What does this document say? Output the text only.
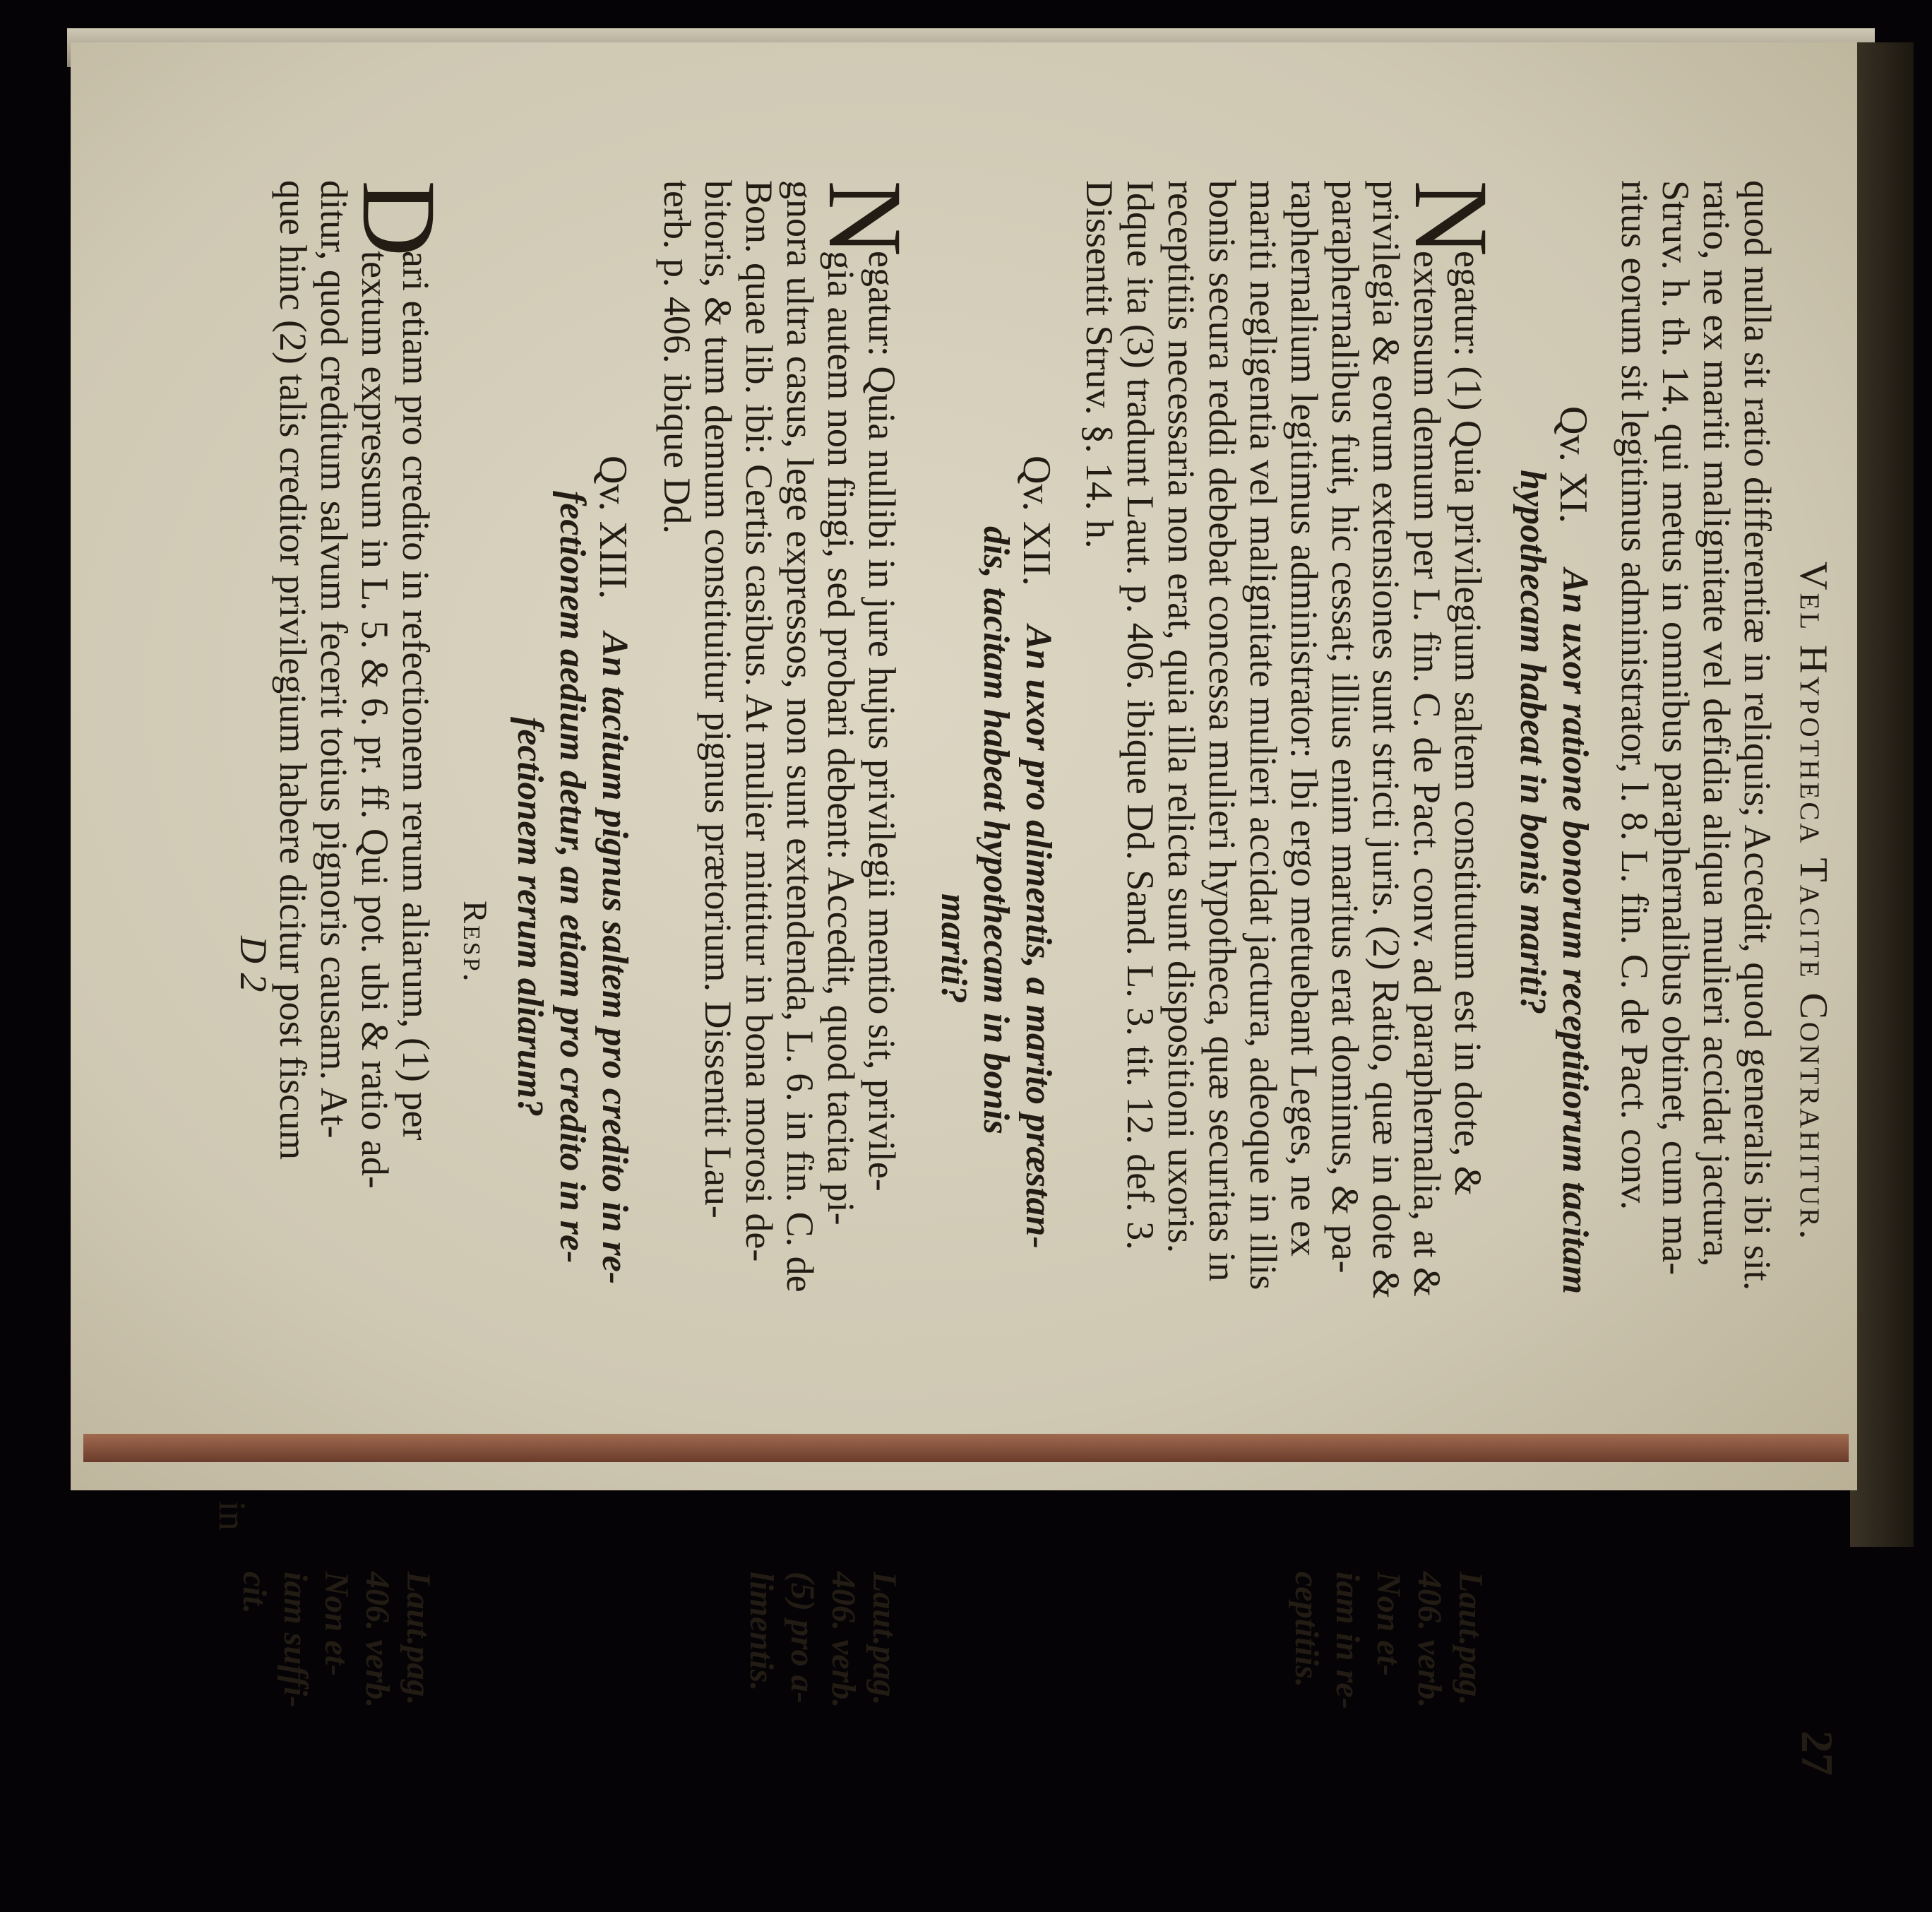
Vel Hypotheca Tacite Contrahitur.
27
quod nulla sit ratio differentiæ in reliquis; Accedit, quod generalis ibi sit.
ratio, ne ex mariti malignitate vel defidia aliqua mulieri accidat jactura,
Struv. h. th. 14. qui metus in omnibus paraphernalibus obtinet, cum ma-
ritus eorum sit legitimus administrator, l. 8. L. fin. C. de Pact. conv.
Qv. XI.
An uxor ratione bonorum receptitiorum tacitam
hypothecam habeat in bonis mariti?
N
egatur: (1) Quia privilegium saltem constitutum est in dote, &
extensum demum per L. fin. C. de Pact. conv. ad paraphernalia, at &
privilegia & eorum extensiones sunt stricti juris. (2) Ratio, quæ in dote &
paraphernalibus fuit, hic cessat; illius enim maritus erat dominus, & pa-
raphernalium legitimus administrator: Ibi ergo metuebant Leges, ne ex
mariti negligentia vel malignitate mulieri accidat jactura, adeoque in illis
bonis secura reddi debebat concessa mulieri hypotheca, quæ securitas in
receptitiis necessaria non erat, quia illa relicta sunt dispositioni uxoris.
Idque ita (3) tradunt Laut. p. 406. ibique Dd. Sand. L. 3. tit. 12. def. 3.
Dissentit Struv. §. 14. h.
Laut.pag.
406. verb.
Non et-
iam in re-
ceptitiis.
Qv. XII.
An uxor pro alimentis, a marito præstan-
dis, tacitam habeat hypothecam in bonis
mariti?
N
egatur: Quia nullibi in jure hujus privilegii mentio sit, privile-
gia autem non fingi, sed probari debent: Accedit, quod tacita pi-
gnora ultra casus, lege expressos, non sunt extendenda, L. 6. in fin. C. de
Bon. quae lib. ibi: Certis casibus. At mulier mittitur in bona morosi de-
bitoris, & tum demum constituitur pignus prætorium. Dissentit Lau-
terb. p. 406. ibique Dd.
Laut.pag.
406. verb.
(5) pro a-
limentis.
Qv. XIII.
An tacitum pignus saltem pro credito in re-
fectionem aedium detur, an etiam pro credito in re-
fectionem rerum aliarum?
Resp.
D
ari etiam pro credito in refectionem rerum aliarum, (1) per
textum expressum in L. 5. & 6. pr. ff. Qui pot. ubi & ratio ad-
ditur, quod creditum salvum fecerit totius pignoris causam. At-
que hinc (2) talis creditor privilegium habere dicitur post fiscum
Laut.pag.
406. verb.
Non et-
iam suffi-
cit.
in
D 2
